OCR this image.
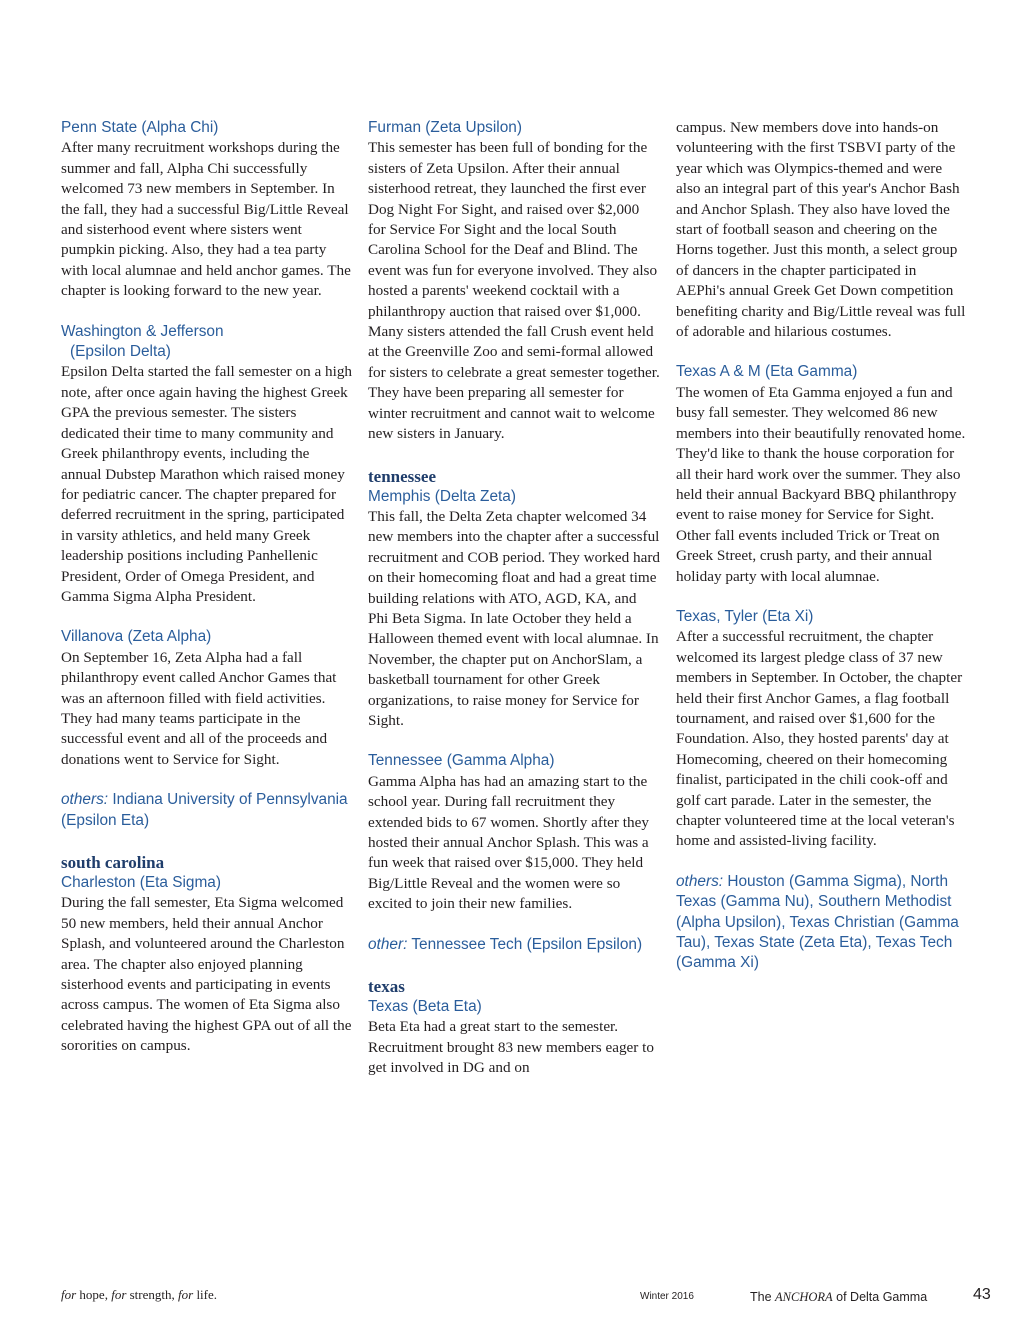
Penn State (Alpha Chi)

After many recruitment workshops during the summer and fall, Alpha Chi successfully welcomed 73 new members in September. In the fall, they had a successful Big/Little Reveal and sisterhood event where sisters went pumpkin picking. Also, they had a tea party with local alumnae and held anchor games. The chapter is looking forward to the new year.

Washington & Jefferson
(Epsilon Delta)

Epsilon Delta started the fall semester on a high note, after once again having the highest Greek GPA the previous semester. The sisters dedicated their time to many community and Greek philanthropy events, including the annual Dubstep Marathon which raised money for pediatric cancer. The chapter prepared for deferred recruitment in the spring, participated in varsity athletics, and held many Greek leadership positions including Panhellenic President, Order of Omega President, and Gamma Sigma Alpha President.

Villanova (Zeta Alpha)

On September 16, Zeta Alpha had a fall philanthropy event called Anchor Games that was an afternoon filled with field activities. They had many teams participate in the successful event and all of the proceeds and donations went to Service for Sight.

others: Indiana University of Pennsylvania (Epsilon Eta)

south carolina

Charleston (Eta Sigma)

During the fall semester, Eta Sigma welcomed 50 new members, held their annual Anchor Splash, and volunteered around the Charleston area. The chapter also enjoyed planning sisterhood events and participating in events across campus. The women of Eta Sigma also celebrated having the highest GPA out of all the sororities on campus.

Furman (Zeta Upsilon)

This semester has been full of bonding for the sisters of Zeta Upsilon. After their annual sisterhood retreat, they launched the first ever Dog Night For Sight, and raised over $2,000 for Service For Sight and the local South Carolina School for the Deaf and Blind. The event was fun for everyone involved. They also hosted a parents' weekend cocktail with a philanthropy auction that raised over $1,000. Many sisters attended the fall Crush event held at the Greenville Zoo and semi-formal allowed for sisters to celebrate a great semester together. They have been preparing all semester for winter recruitment and cannot wait to welcome new sisters in January.

tennessee

Memphis (Delta Zeta)

This fall, the Delta Zeta chapter welcomed 34 new members into the chapter after a successful recruitment and COB period. They worked hard on their homecoming float and had a great time building relations with ATO, AGD, KA, and Phi Beta Sigma. In late October they held a Halloween themed event with local alumnae. In November, the chapter put on AnchorSlam, a basketball tournament for other Greek organizations, to raise money for Service for Sight.

Tennessee (Gamma Alpha)

Gamma Alpha has had an amazing start to the school year. During fall recruitment they extended bids to 67 women. Shortly after they hosted their annual Anchor Splash. This was a fun week that raised over $15,000. They held Big/Little Reveal and the women were so excited to join their new families.

other: Tennessee Tech (Epsilon Epsilon)

texas

Texas (Beta Eta)

Beta Eta had a great start to the semester. Recruitment brought 83 new members eager to get involved in DG and on

campus. New members dove into hands-on volunteering with the first TSBVI party of the year which was Olympics-themed and were also an integral part of this year's Anchor Bash and Anchor Splash. They also have loved the start of football season and cheering on the Horns together. Just this month, a select group of dancers in the chapter participated in AEPhi's annual Greek Get Down competition benefiting charity and Big/Little reveal was full of adorable and hilarious costumes.

Texas A & M (Eta Gamma)

The women of Eta Gamma enjoyed a fun and busy fall semester. They welcomed 86 new members into their beautifully renovated home. They'd like to thank the house corporation for all their hard work over the summer. They also held their annual Backyard BBQ philanthropy event to raise money for Service for Sight. Other fall events included Trick or Treat on Greek Street, crush party, and their annual holiday party with local alumnae.

Texas, Tyler (Eta Xi)

After a successful recruitment, the chapter welcomed its largest pledge class of 37 new members in September. In October, the chapter held their first Anchor Games, a flag football tournament, and raised over $1,600 for the Foundation. Also, they hosted parents' day at Homecoming, cheered on their homecoming finalist, participated in the chili cook-off and golf cart parade. Later in the semester, the chapter volunteered time at the local veteran's home and assisted-living facility.

others: Houston (Gamma Sigma), North Texas (Gamma Nu), Southern Methodist (Alpha Upsilon), Texas Christian (Gamma Tau), Texas State (Zeta Eta), Texas Tech (Gamma Xi)

for hope, for strength, for life.	Winter 2016	The ANCHORA of Delta Gamma	43
